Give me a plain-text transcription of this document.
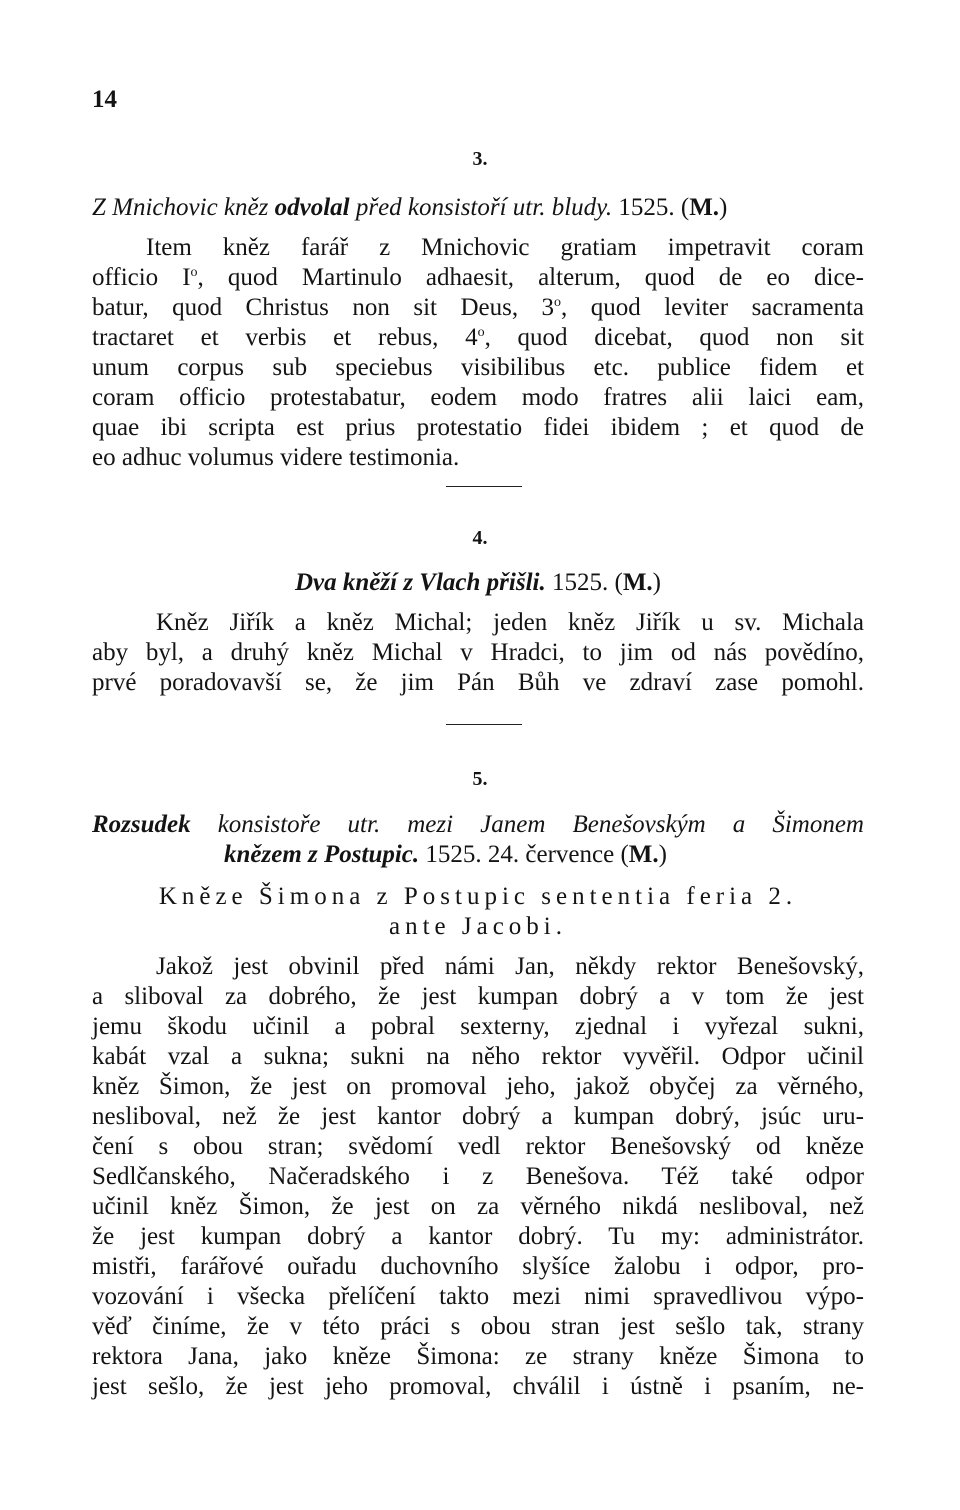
14
3.
Z Mnichovic kněz odvolal před konsistoří utr. bludy. 1525. (M.)
Item kněz farář z Mnichovic gratiam impetravit coram
officio $I^o$, quod Martinulo adhaesit, alterum, quod de eo dice-
batur, quod Christus non sit Deus, 3$^o$, quod leviter sacramenta
tractaret et verbis et rebus, 4$^o$, quod dicebat, quod non sit
unum corpus sub speciebus visibilibus etc. publice fidem et
coram officio protestabatur, eodem modo fratres alii laici eam,
quae ibi scripta est prius protestatio fidei ibidem ; et quod de
eo adhuc volumus videre testimonia.
4.
Dva kněží z Vlach přišli. 1525. (M.)
Kněz Jiřík a kněz Michal; jeden kněz Jiřík u sv. Michala
aby byl, a druhý kněz Michal v Hradci, to jim od nás povědíno,
prvé poradovavší se, že jim Pán Bůh ve zdraví zase pomohl.
5.
Rozsudek konsistoře utr. mezi Janem Benešovským a Šimonem
knězem z Postupic. 1525. 24. července (M.)
Kněze Šimona z Postupic sententia feria 2.
ante Jacobi.
Jakož jest obvinil před námi Jan, někdy rektor Benešovský,
a sliboval za dobrého, že jest kumpan dobrý a v tom že jest
jemu škodu učinil a pobral sexterny, zjednal i vyřezal sukni,
kabát vzal a sukna; sukni na něho rektor vyvěřil. Odpor učinil
kněz Šimon, že jest on promoval jeho, jakož obyčej za věrného,
nesliboval, než že jest kantor dobrý a kumpan dobrý, jsúc uru-
čení s obou stran; svědomí vedl rektor Benešovský od kněze
Sedlčanského, Načeradského i z Benešova. Též také odpor
učinil kněz Šimon, že jest on za věrného nikdá nesliboval, než
že jest kumpan dobrý a kantor dobrý. Tu my: administrátor.
mistři, farářové ouřadu duchovního slyšíce žalobu i odpor, pro-
vozování i všecka přelíčení takto mezi nimi spravedlivou výpo-
věď činíme, že v této práci s obou stran jest sešlo tak, strany
rektora Jana, jako kněze Šimona: ze strany kněze Šimona to
jest sešlo, že jest jeho promoval, chválil i ústně i psaním, ne-
